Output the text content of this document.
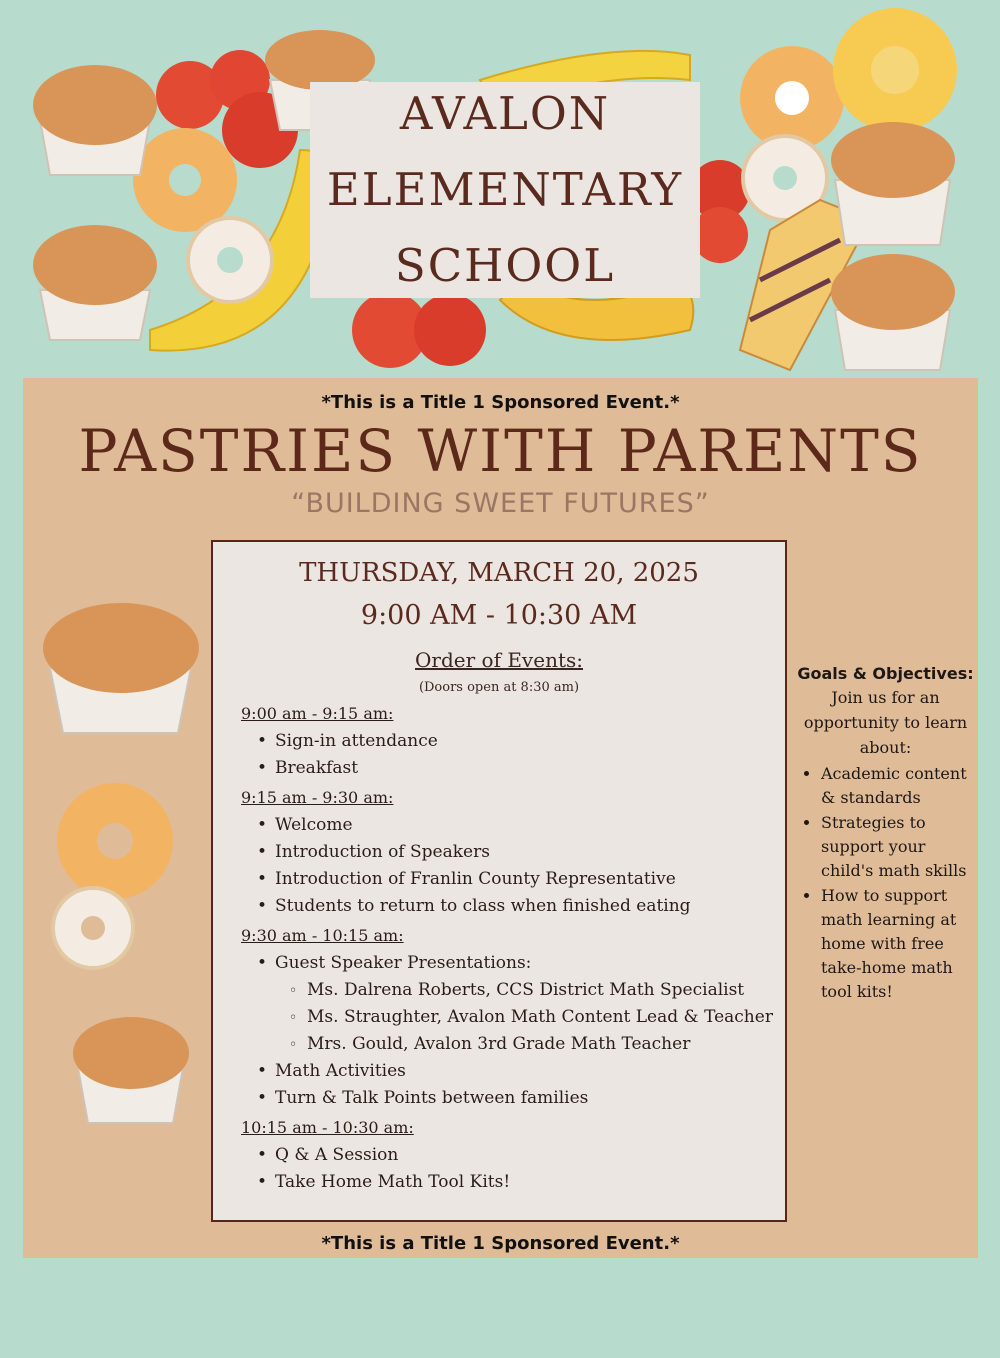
AVALON
ELEMENTARY
SCHOOL
*This is a Title 1 Sponsored Event.*
PASTRIES WITH PARENTS
“BUILDING SWEET FUTURES”
THURSDAY, MARCH 20, 2025
9:00 AM - 10:30 AM
Order of Events:
(Doors open at 8:30 am)
9:00 am - 9:15 am:
• Sign-in attendance
• Breakfast
9:15 am - 9:30 am:
• Welcome
• Introduction of Speakers
• Introduction of Franlin County Representative
• Students to return to class when finished eating
9:30 am - 10:15 am:
• Guest Speaker Presentations:
◦ Ms. Dalrena Roberts, CCS District Math Specialist
◦ Ms. Straughter, Avalon Math Content Lead & Teacher
◦ Mrs. Gould, Avalon 3rd Grade Math Teacher
• Math Activities
• Turn & Talk Points between families
10:15 am - 10:30 am:
• Q & A Session
• Take Home Math Tool Kits!
Goals & Objectives:
Join us for an opportunity to learn about:
• Academic content & standards
• Strategies to support your child's math skills
• How to support math learning at home with free take-home math tool kits!
*This is a Title 1 Sponsored Event.*
